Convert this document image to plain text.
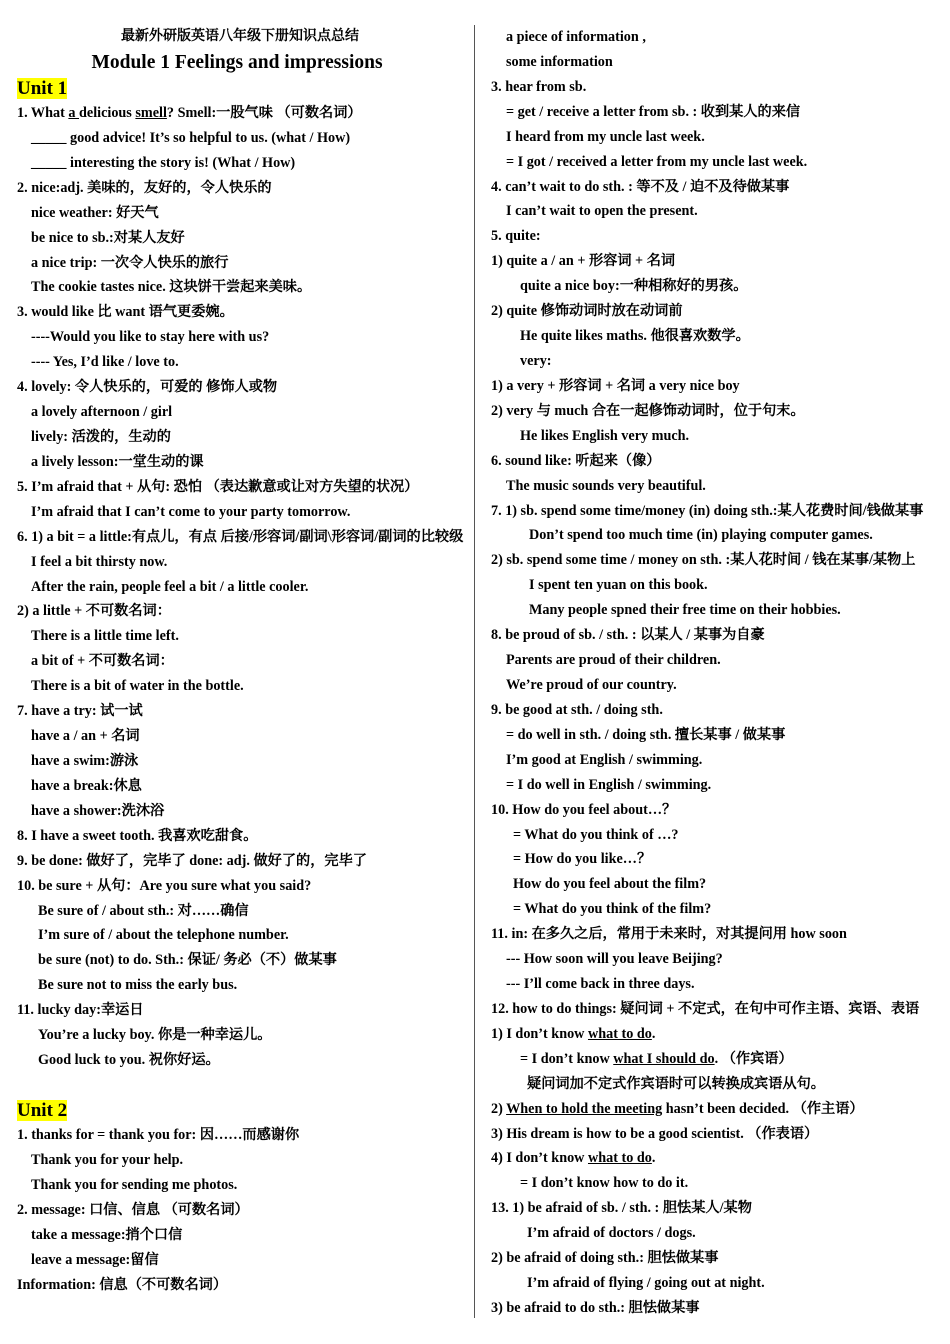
最新外研版英语八年级下册知识点总结
Module 1 Feelings and impressions
Unit 1
1. What a delicious smell? Smell:一股气味 （可数名词）
_____ good advice! It’s so helpful to us. (what / How)
_____ interesting the story is! (What / How)
2. nice:adj. 美味的，友好的，令人快乐的
nice weather: 好天气
be nice to sb.:对某人友好
a nice trip: 一次令人快乐的旅行
The cookie tastes nice. 这块饼干尝起来美味。
3. would like 比 want 语气更委婉。
----Would you like to stay here with us?
---- Yes, I’d like / love to.
4. lovely: 令人快乐的，可爱的 修饰人或物
a lovely afternoon / girl
lively: 活泼的，生动的
a lively lesson:一堂生动的课
5. I’m afraid that + 从句: 恐怕 （表达歉意或让对方失望的状况）
I’m afraid that I can’t come to your party tomorrow.
6. 1) a bit = a little:有点儿，有点 后接/形容词/副词\形容词/副词的比较级
I feel a bit thirsty now.
After the rain, people feel a bit / a little cooler.
2) a little + 不可数名词：
There is a little time left.
a bit of + 不可数名词：
There is a bit of water in the bottle.
7. have a try: 试一试
have a / an + 名词
have a swim:游泳
have a break:休息
have a shower:洗沐浴
8. I have a sweet tooth. 我喜欢吃甜食。
9. be done: 做好了，完毕了 done: adj. 做好了的，完毕了
10. be sure + 从句：Are you sure what you said?
Be sure of / about sth.: 对……确信
I’m sure of / about the telephone number.
be sure (not) to do. Sth.: 保证/ 务必（不）做某事
Be sure not to miss the early bus.
11. lucky day:幸运日
You’re a lucky boy. 你是一种幸运儿。
Good luck to you. 祝你好运。
Unit 2
1. thanks for = thank you for: 因……而感谢你
Thank you for your help.
Thank you for sending me photos.
2. message: 口信、信息 （可数名词）
take a message:捎个口信
leave a message:留信
Information: 信息（不可数名词）
a piece of information ,
some information
3. hear from sb.
= get / receive a letter from sb. : 收到某人的来信
I heard from my uncle last week.
= I got / received a letter from my uncle last week.
4. can’t wait to do sth. : 等不及 / 迫不及待做某事
I can’t wait to open the present.
5. quite:
1) quite a / an + 形容词 + 名词
quite a nice boy:一种相称好的男孩。
2) quite 修饰动词时放在动词前
He quite likes maths. 他很喜欢数学。
very:
1) a very + 形容词 + 名词 a very nice boy
2) very 与 much 合在一起修饰动词时，位于句末。
He likes English very much.
6. sound like: 听起来（像）
The music sounds very beautiful.
7. 1) sb. spend some time/money (in) doing sth.:某人花费时间/钱做某事
Don’t spend too much time (in) playing computer games.
2) sb. spend some time / money on sth. :某人花时间 / 钱在某事/某物上
I spent ten yuan on this book.
Many people spned their free time on their hobbies.
8. be proud of sb. / sth. : 以某人 / 某事为自豪
Parents are proud of their children.
We’re proud of our country.
9. be good at sth. / doing sth.
= do well in sth. / doing sth. 擅长某事 / 做某事
I’m good at English / swimming.
= I do well in English / swimming.
10. How do you feel about…？
= What do you think of …?
= How do you like…？
How do you feel about the film?
= What do you think of the film?
11. in: 在多久之后，常用于未来时，对其提问用 how soon
--- How soon will you leave Beijing?
--- I’ll come back in three days.
12. how to do things: 疑问词 + 不定式，在句中可作主语、宾语、表语
1) I don’t know what to do.
= I don’t know what I should do. （作宾语）
疑问词加不定式作宾语时可以转换成宾语从句。
2) When to hold the meeting hasn’t been decided. （作主语）
3) His dream is how to be a good scientist. （作表语）
4) I don’t know what to do.
= I don’t know how to do it.
13. 1) be afraid of sb. / sth. : 胆怯某人/某物
I’m afraid of doctors / dogs.
2) be afraid of doing sth.: 胆怯做某事
I’m afraid of flying / going out at night.
3) be afraid to do sth.: 胆怯做某事
